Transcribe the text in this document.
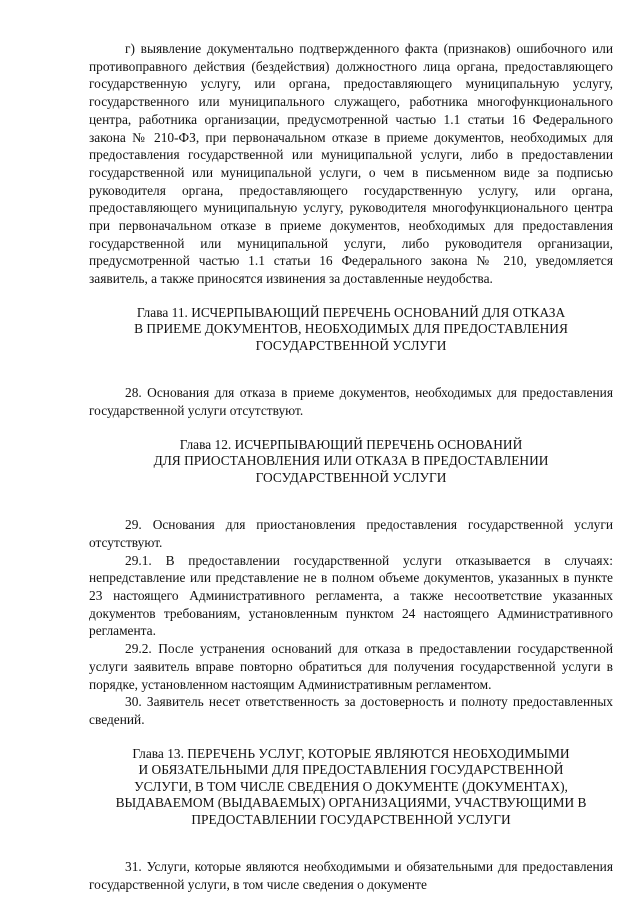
г) выявление документально подтвержденного факта (признаков) ошибочного или противоправного действия (бездействия) должностного лица органа, предоставляющего государственную услугу, или органа, предоставляющего муниципальную услугу, государственного или муниципального служащего, работника многофункционального центра, работника организации, предусмотренной частью 1.1 статьи 16 Федерального закона № 210-ФЗ, при первоначальном отказе в приеме документов, необходимых для предоставления государственной или муниципальной услуги, либо в предоставлении государственной или муниципальной услуги, о чем в письменном виде за подписью руководителя органа, предоставляющего государственную услугу, или органа, предоставляющего муниципальную услугу, руководителя многофункционального центра при первоначальном отказе в приеме документов, необходимых для предоставления государственной или муниципальной услуги, либо руководителя организации, предусмотренной частью 1.1 статьи 16 Федерального закона № 210, уведомляется заявитель, а также приносятся извинения за доставленные неудобства.

Глава 11. ИСЧЕРПЫВАЮЩИЙ ПЕРЕЧЕНЬ ОСНОВАНИЙ ДЛЯ ОТКАЗА
В ПРИЕМЕ ДОКУМЕНТОВ, НЕОБХОДИМЫХ ДЛЯ ПРЕДОСТАВЛЕНИЯ
ГОСУДАРСТВЕННОЙ УСЛУГИ

28. Основания для отказа в приеме документов, необходимых для предоставления государственной услуги отсутствуют.

Глава 12. ИСЧЕРПЫВАЮЩИЙ ПЕРЕЧЕНЬ ОСНОВАНИЙ
ДЛЯ ПРИОСТАНОВЛЕНИЯ ИЛИ ОТКАЗА В ПРЕДОСТАВЛЕНИИ
ГОСУДАРСТВЕННОЙ УСЛУГИ

29. Основания для приостановления предоставления государственной услуги отсутствуют.

29.1. В предоставлении государственной услуги отказывается в случаях: непредставление или представление не в полном объеме документов, указанных в пункте 23 настоящего Административного регламента, а также несоответствие указанных документов требованиям, установленным пунктом 24 настоящего Административного регламента.

29.2. После устранения оснований для отказа в предоставлении государственной услуги заявитель вправе повторно обратиться для получения государственной услуги в порядке, установленном настоящим Административным регламентом.

30. Заявитель несет ответственность за достоверность и полноту предоставленных сведений.

Глава 13. ПЕРЕЧЕНЬ УСЛУГ, КОТОРЫЕ ЯВЛЯЮТСЯ НЕОБХОДИМЫМИ
И ОБЯЗАТЕЛЬНЫМИ ДЛЯ ПРЕДОСТАВЛЕНИЯ ГОСУДАРСТВЕННОЙ
УСЛУГИ, В ТОМ ЧИСЛЕ СВЕДЕНИЯ О ДОКУМЕНТЕ (ДОКУМЕНТАХ),
ВЫДАВАЕМОМ (ВЫДАВАЕМЫХ) ОРГАНИЗАЦИЯМИ, УЧАСТВУЮЩИМИ В
ПРЕДОСТАВЛЕНИИ ГОСУДАРСТВЕННОЙ УСЛУГИ

31. Услуги, которые являются необходимыми и обязательными для предоставления государственной услуги, в том числе сведения о документе
